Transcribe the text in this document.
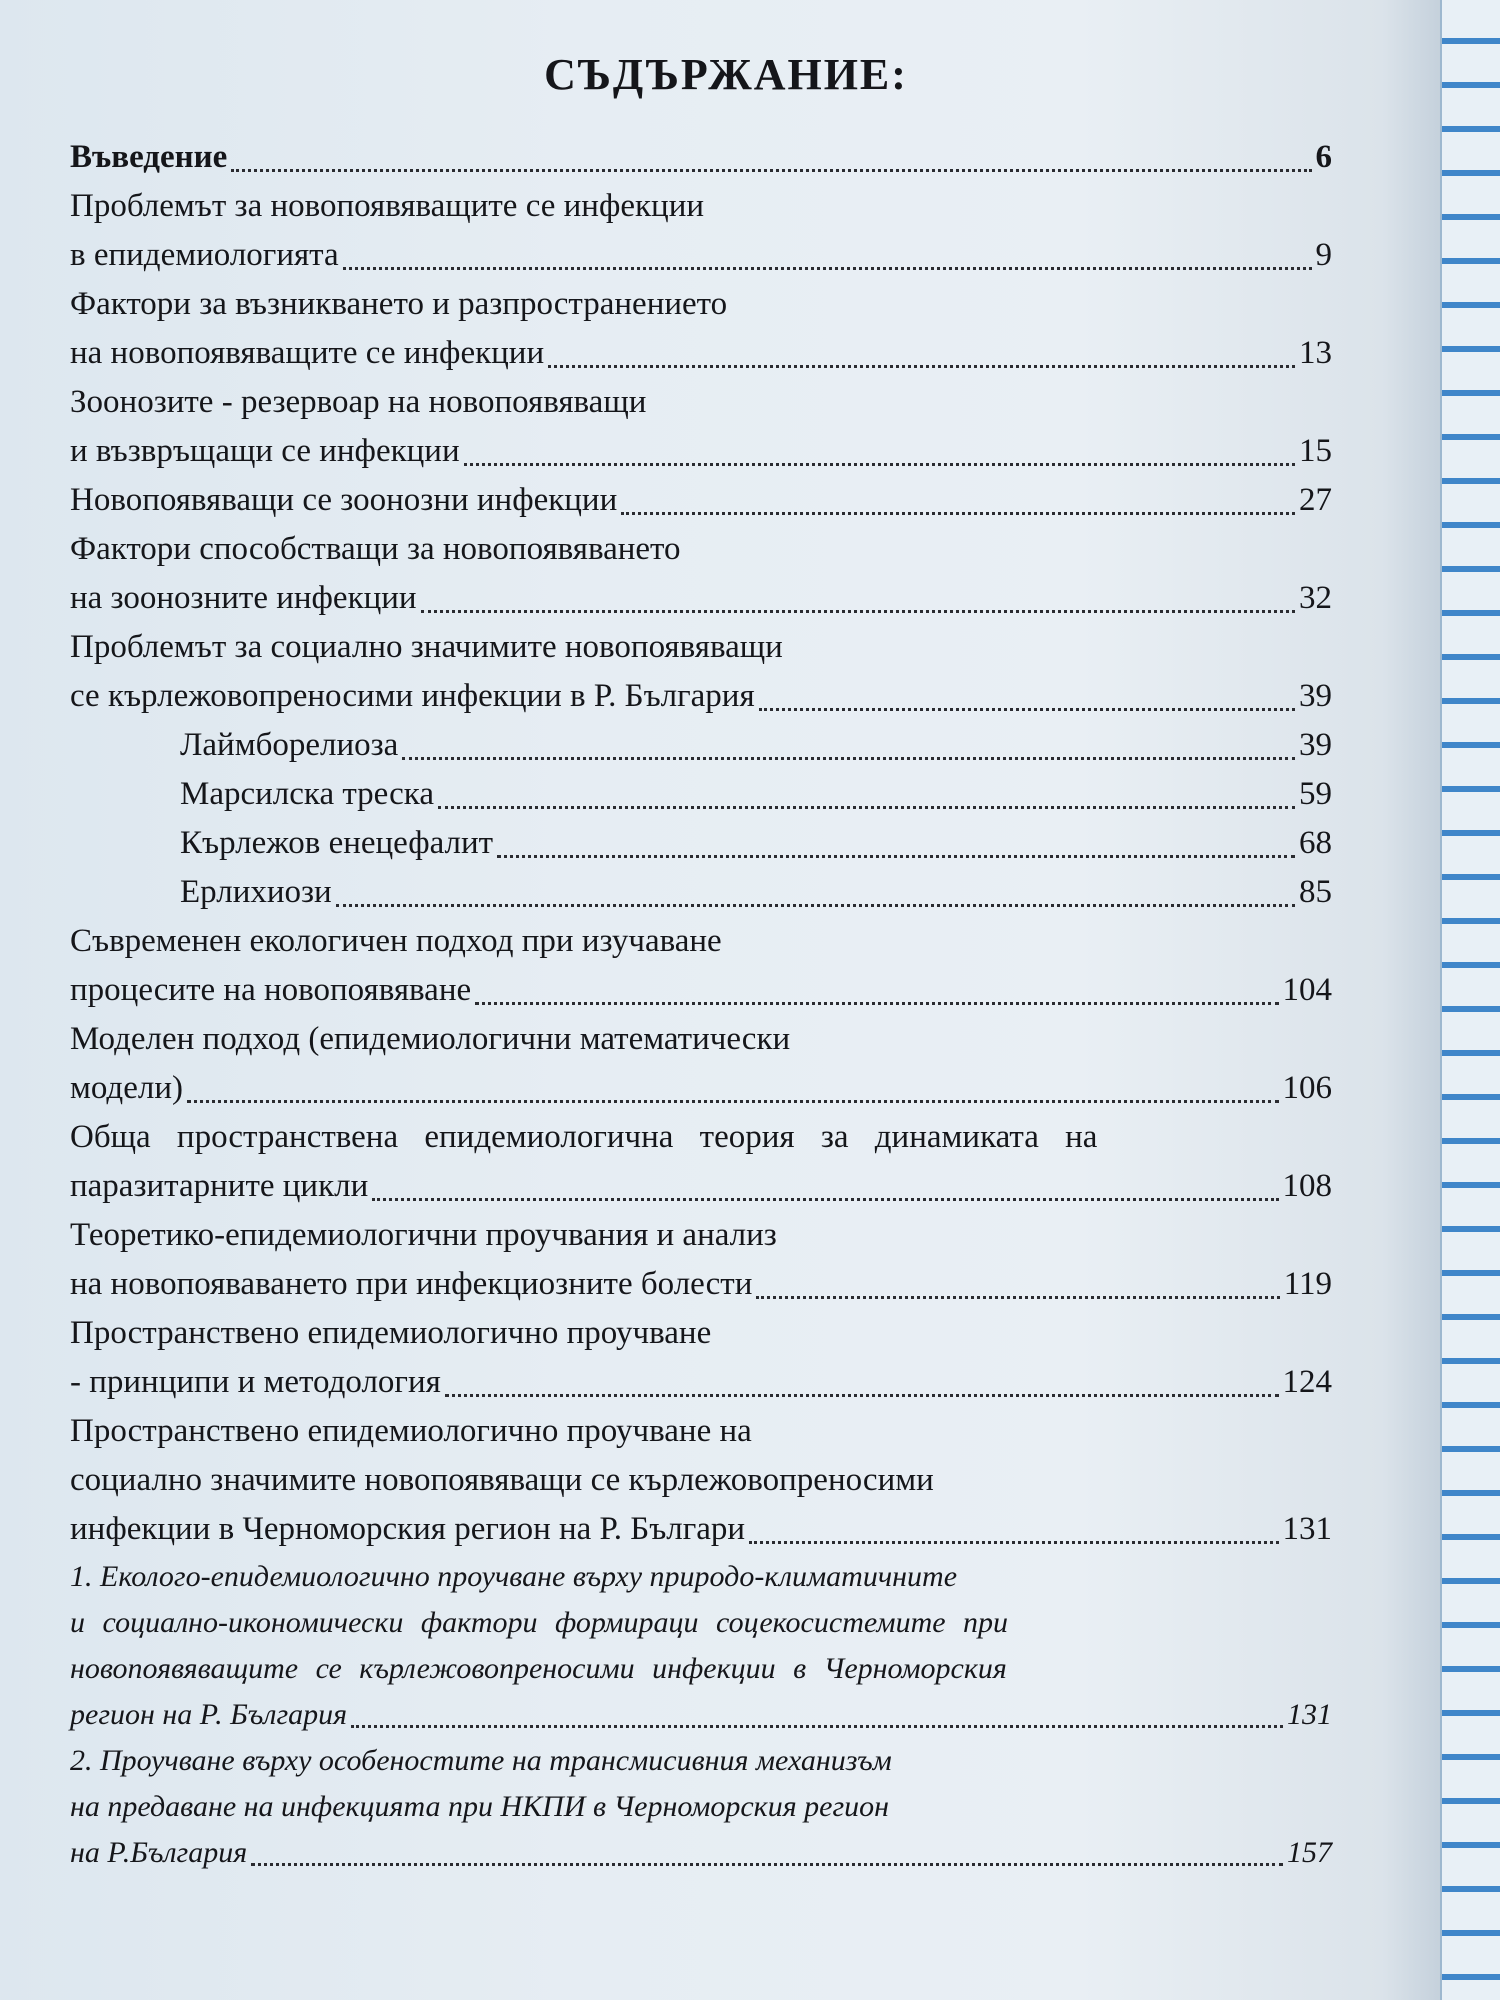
СЪДЪРЖАНИЕ:
Въведение	6
Проблемът за новопоявяващите се инфекции
в епидемиологията	9
Фактори за възникването и разпространението
на новопоявяващите се инфекции	13
Зоонозите - резервоар на новопоявяващи
и възвръщащи се инфекции	15
Новопоявяващи се зоонозни инфекции	27
Фактори способстващи за новопоявяването
на зоонозните инфекции	32
Проблемът за социално значимите новопоявяващи
се кърлежовопреносими инфекции в Р. България	39
Лаймборелиоза	39
Марсилска треска	59
Кърлежов енецефалит	68
Ерлихиози	85
Съвременен екологичен подход при изучаване
процесите на новопоявяване	104
Моделен подход (епидемиологични математически
модели)	106
Обща пространствена епидемиологична теория за динамиката на
паразитарните цикли	108
Теоретико-епидемиологични проучвания и анализ
на новопояваването при инфекциозните болести	119
Пространствено епидемиологично проучване
- принципи и методология	124
Пространствено епидемиологично проучване на
социално значимите новопоявяващи се кърлежовопреносими
инфекции в Черноморския регион на Р. Българи	131
1. Еколого-епидемиологично проучване върху природо-климатичните
и социално-икономически фактори формираци соцекосистемите при
новопоявяващите се кърлежовопреносими инфекции в Черноморския
регион на Р. България	131
2. Проучване върху особеностите на трансмисивния механизъм
на предаване на инфекцията при НКПИ в Черноморския регион
на Р.България	157
